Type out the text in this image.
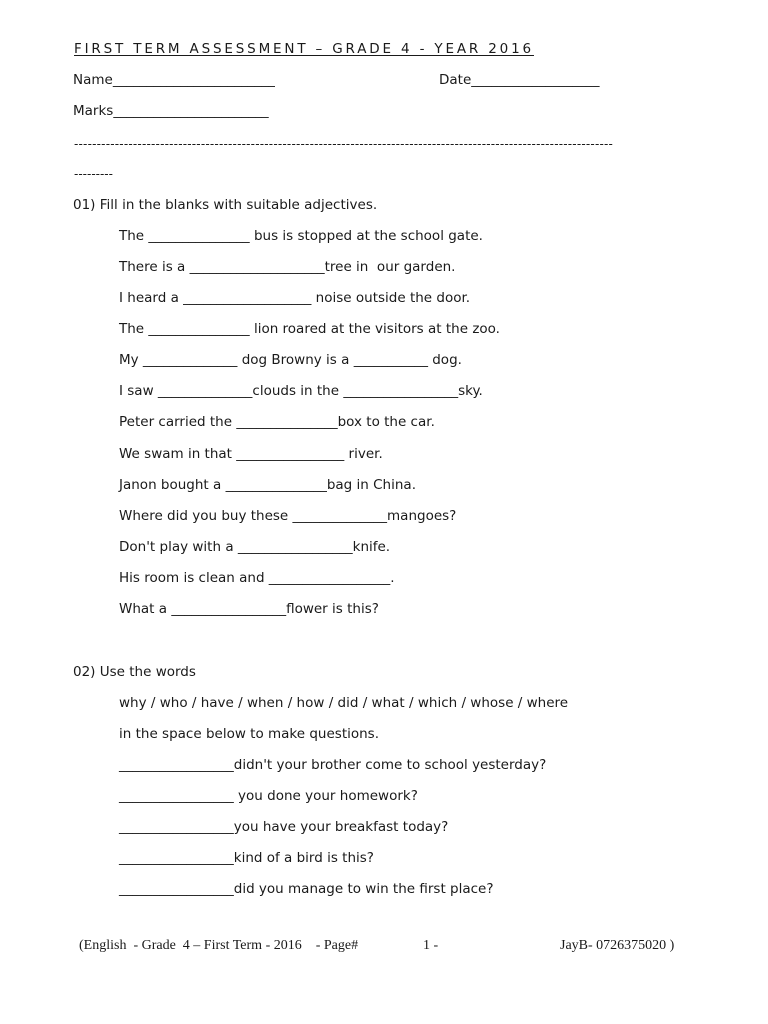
FIRST TERM ASSESSMENT – GRADE 4 - YEAR 2016
Name________________________	Date___________________
Marks_______________________
-----------------------------------------------------------------------------------------------------------------------
---------
01) Fill in the blanks with suitable adjectives.
The _______________ bus is stopped at the school gate.
There is a ____________________tree in  our garden.
I heard a ___________________ noise outside the door.
The _______________ lion roared at the visitors at the zoo.
My ______________ dog Browny is a ___________ dog.
I saw ______________clouds in the _________________sky.
Peter carried the _______________box to the car.
We swam in that ________________ river.
Janon bought a _______________bag in China.
Where did you buy these ______________mangoes?
Don't play with a _________________knife.
His room is clean and __________________.
What a _________________flower is this?
02) Use the words
why / who / have / when / how / did / what / which / whose / where
in the space below to make questions.
_________________didn't your brother come to school yesterday?
_________________ you done your homework?
_________________you have your breakfast today?
_________________kind of a bird is this?
_________________did you manage to win the first place?
(English  - Grade  4 – First Term - 2016    - Page#	1 -	JayB- 0726375020 )
